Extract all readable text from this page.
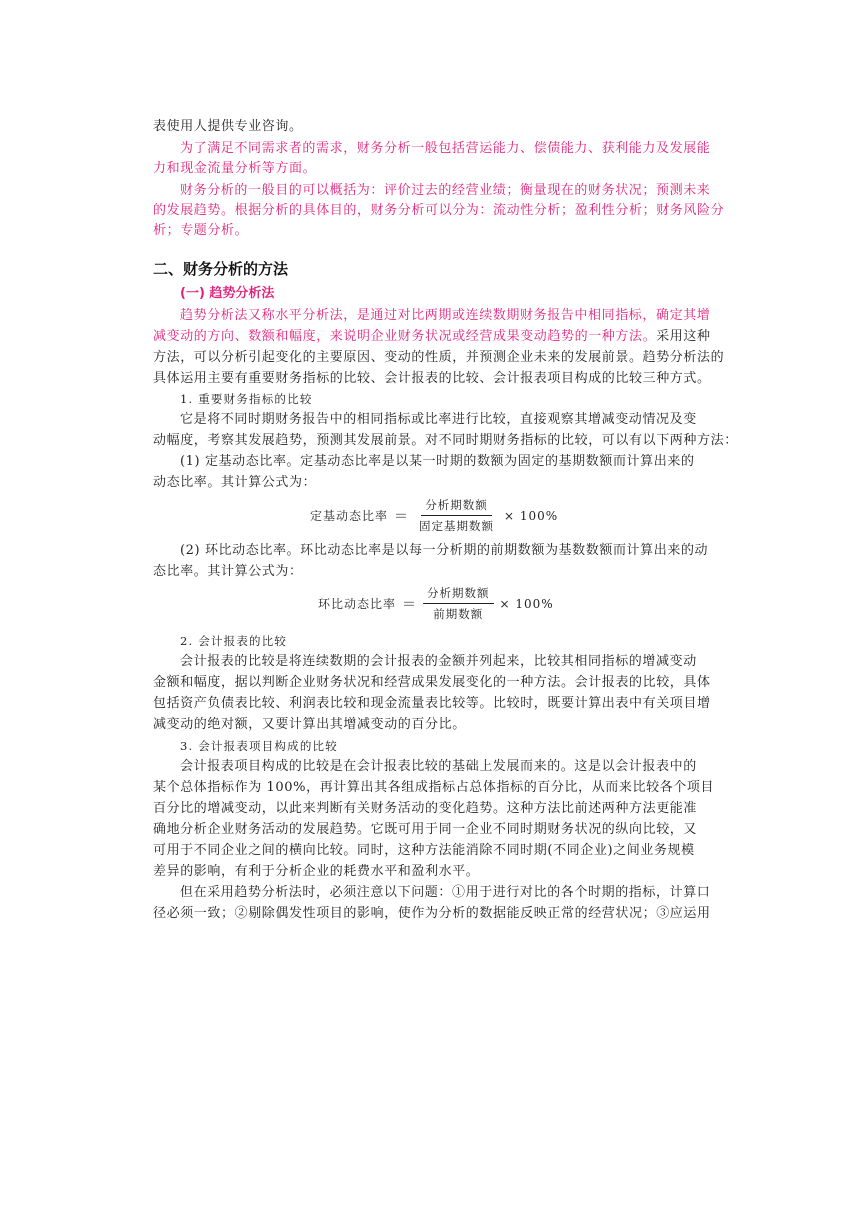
表使用人提供专业咨询。
为了满足不同需求者的需求，财务分析一般包括营运能力、偿债能力、获利能力及发展能
力和现金流量分析等方面。
财务分析的一般目的可以概括为：评价过去的经营业绩；衡量现在的财务状况；预测未来
的发展趋势。根据分析的具体目的，财务分析可以分为：流动性分析；盈利性分析；财务风险分
析；专题分析。
二、财务分析的方法
(一) 趋势分析法
趋势分析法又称水平分析法，是通过对比两期或连续数期财务报告中相同指标，确定其增
减变动的方向、数额和幅度，来说明企业财务状况或经营成果变动趋势的一种方法。采用这种
方法，可以分析引起变化的主要原因、变动的性质，并预测企业未来的发展前景。趋势分析法的
具体运用主要有重要财务指标的比较、会计报表的比较、会计报表项目构成的比较三种方式。
1. 重要财务指标的比较
它是将不同时期财务报告中的相同指标或比率进行比较，直接观察其增减变动情况及变
动幅度，考察其发展趋势，预测其发展前景。对不同时期财务指标的比较，可以有以下两种方法：
(1) 定基动态比率。定基动态比率是以某一时期的数额为固定的基期数额而计算出来的
动态比率。其计算公式为：
定基动态比率 ＝ $\frac{\text{分析期数额}}{\text{固定基期数额}} \times 100\%$
(2) 环比动态比率。环比动态比率是以每一分析期的前期数额为基数数额而计算出来的动
态比率。其计算公式为：
环比动态比率 ＝ $\frac{\text{分析期数额}}{\text{前期数额}} \times 100\%$
2. 会计报表的比较
会计报表的比较是将连续数期的会计报表的金额并列起来，比较其相同指标的增减变动
金额和幅度，据以判断企业财务状况和经营成果发展变化的一种方法。会计报表的比较，具体
包括资产负债表比较、利润表比较和现金流量表比较等。比较时，既要计算出表中有关项目增
减变动的绝对额，又要计算出其增减变动的百分比。
3. 会计报表项目构成的比较
会计报表项目构成的比较是在会计报表比较的基础上发展而来的。这是以会计报表中的
某个总体指标作为 100%，再计算出其各组成指标占总体指标的百分比，从而来比较各个项目
百分比的增减变动，以此来判断有关财务活动的变化趋势。这种方法比前述两种方法更能准
确地分析企业财务活动的发展趋势。它既可用于同一企业不同时期财务状况的纵向比较，又
可用于不同企业之间的横向比较。同时，这种方法能消除不同时期(不同企业)之间业务规模
差异的影响，有利于分析企业的耗费水平和盈利水平。
但在采用趋势分析法时，必须注意以下问题：①用于进行对比的各个时期的指标，计算口
径必须一致；②剔除偶发性项目的影响，使作为分析的数据能反映正常的经营状况；③应运用
